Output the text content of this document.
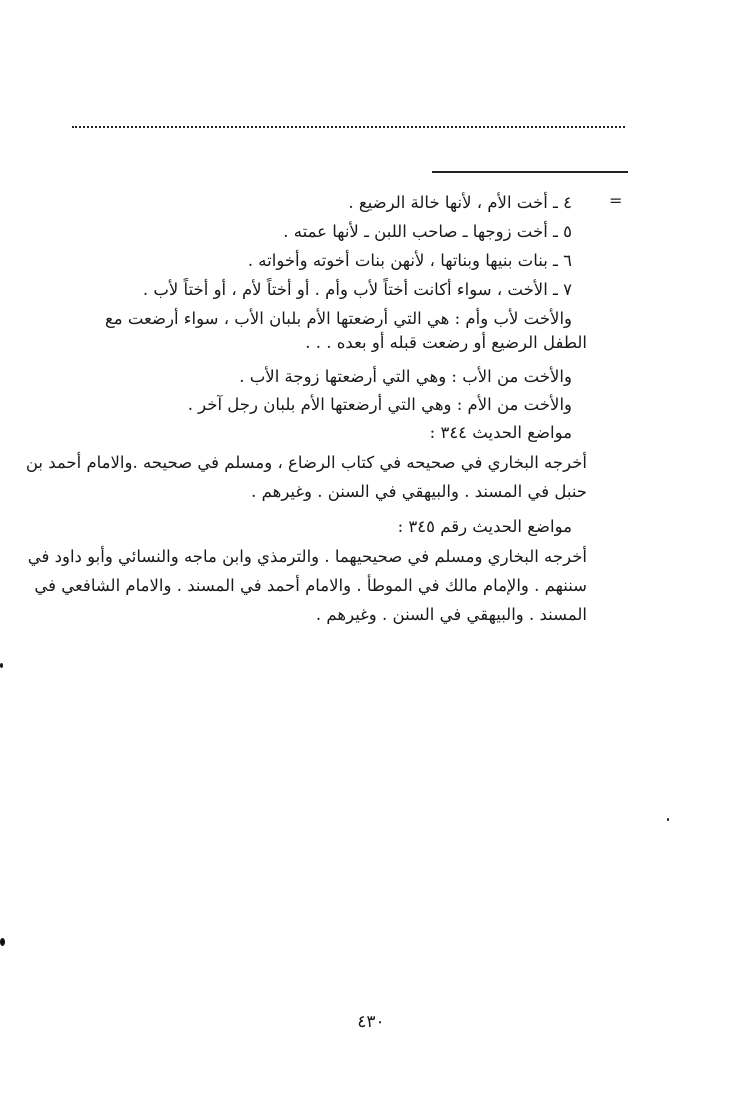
=
٤ ـ أخت الأم ، لأنها خالة الرضيع .
٥ ـ أخت زوجها ـ صاحب اللبن ـ لأنها عمته .
٦ ـ بنات بنيها وبناتها ، لأنهن بنات أخوته وأخواته .
٧ ـ الأخت ، سواء أكانت أختاً لأب وأم . أو أختاً لأم ، أو أختاً لأب .
والأخت لأب وأم : هي التي أرضعتها الأم بلبان الأب ، سواء أرضعت مع
الطفل الرضيع أو رضعت قبله أو بعده . . .
والأخت من الأب : وهي التي أرضعتها زوجة الأب .
والأخت من الأم : وهي التي أرضعتها الأم بلبان رجل آخر .
مواضع الحديث ٣٤٤ :
أخرجه البخاري في صحيحه في كتاب الرضاع ، ومسلم في صحيحه .والامام أحمد بن
حنبل في المسند . والبيهقي في السنن . وغيرهم .
مواضع الحديث رقم ٣٤٥ :
أخرجه البخاري ومسلم في صحيحيهما . والترمذي وابن ماجه والنسائي وأبو داود في
سننهم . والإمام مالك في الموطأ . والامام أحمد في المسند . والامام الشافعي في
المسند . والبيهقي في السنن . وغيرهم .
٤٣٠
